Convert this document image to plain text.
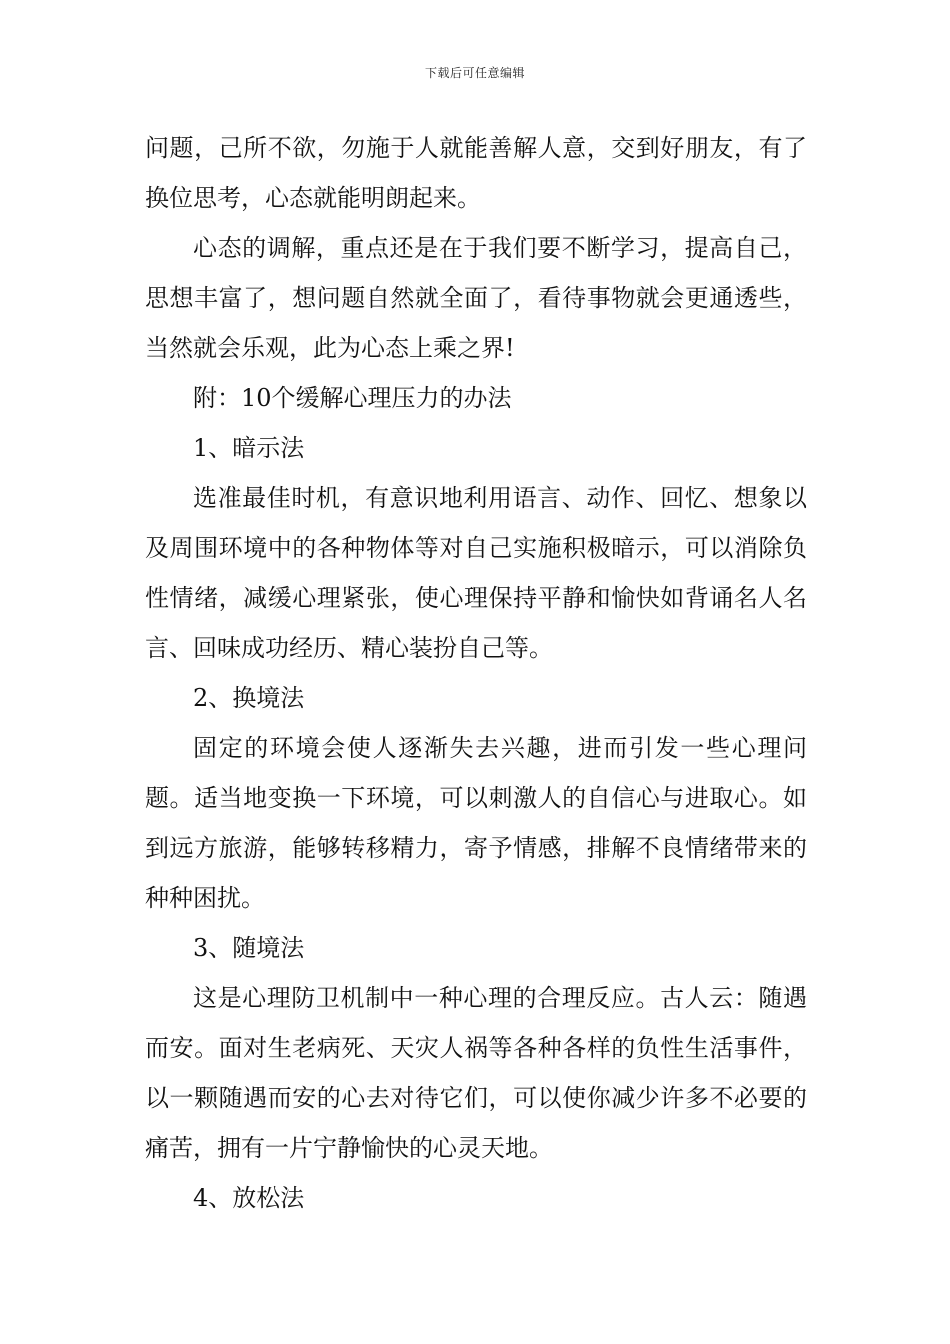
下载后可任意编辑

问题，己所不欲，勿施于人就能善解人意，交到好朋友，有了换位思考，心态就能明朗起来。

心态的调解，重点还是在于我们要不断学习，提高自己，思想丰富了，想问题自然就全面了，看待事物就会更通透些，当然就会乐观，此为心态上乘之界!

附：10个缓解心理压力的办法

1、暗示法

选准最佳时机，有意识地利用语言、动作、回忆、想象以及周围环境中的各种物体等对自己实施积极暗示，可以消除负性情绪，减缓心理紧张，使心理保持平静和愉快如背诵名人名言、回味成功经历、精心装扮自己等。

2、换境法

固定的环境会使人逐渐失去兴趣，进而引发一些心理问题。适当地变换一下环境，可以刺激人的自信心与进取心。如到远方旅游，能够转移精力，寄予情感，排解不良情绪带来的种种困扰。

3、随境法

这是心理防卫机制中一种心理的合理反应。古人云：随遇而安。面对生老病死、天灾人祸等各种各样的负性生活事件，以一颗随遇而安的心去对待它们，可以使你减少许多不必要的痛苦，拥有一片宁静愉快的心灵天地。

4、放松法
